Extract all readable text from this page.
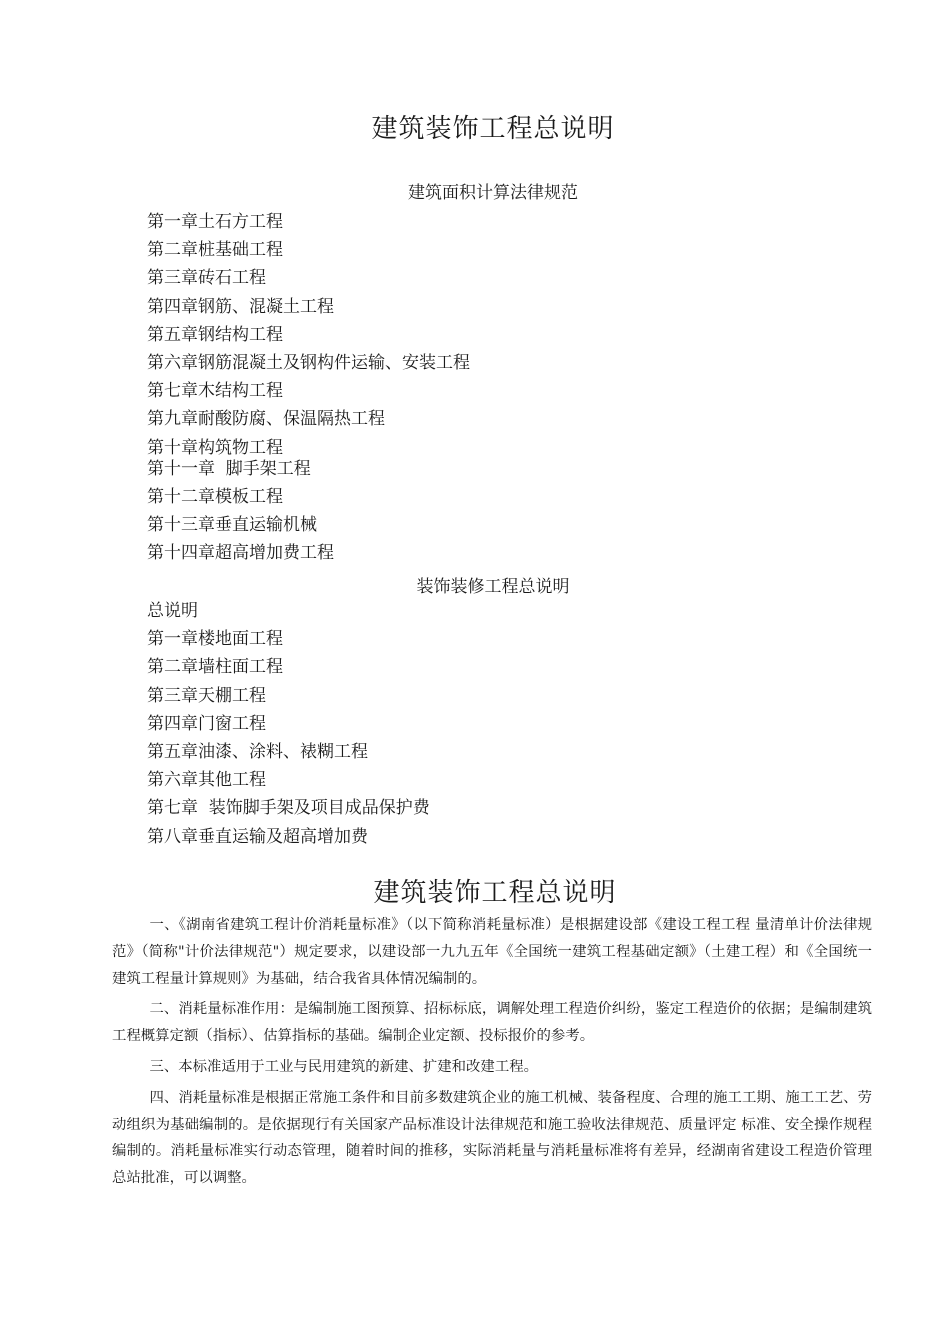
建筑装饰工程总说明
建筑面积计算法律规范
第一章土石方工程
第二章桩基础工程
第三章砖石工程
第四章钢筋、混凝土工程
第五章钢结构工程
第六章钢筋混凝土及钢构件运输、安装工程
第七章木结构工程
第九章耐酸防腐、保温隔热工程
第十章构筑物工程
第十一章  脚手架工程
第十二章模板工程
第十三章垂直运输机械
第十四章超高增加费工程
装饰装修工程总说明
总说明
第一章楼地面工程
第二章墙柱面工程
第三章天棚工程
第四章门窗工程
第五章油漆、涂料、裱糊工程
第六章其他工程
第七章  装饰脚手架及项目成品保护费
第八章垂直运输及超高增加费
建筑装饰工程总说明

一、《湖南省建筑工程计价消耗量标准》（以下简称消耗量标准）是根据建设部《建设工程工程 量清单计价法律规范》（简称"计价法律规范"）规定要求，以建设部一九九五年《全国统一建筑工程基础定额》（土建工程）和《全国统一建筑工程量计算规则》为基础，结合我省具体情况编制的。

二、消耗量标准作用：是编制施工图预算、招标标底，调解处理工程造价纠纷，鉴定工程造价的依据；是编制建筑工程概算定额（指标）、估算指标的基础。编制企业定额、投标报价的参考。

三、本标准适用于工业与民用建筑的新建、扩建和改建工程。

四、消耗量标准是根据正常施工条件和目前多数建筑企业的施工机械、装备程度、合理的施工工期、施工工艺、劳动组织为基础编制的。是依据现行有关国家产品标准设计法律规范和施工验收法律规范、质量评定 标准、安全操作规程编制的。消耗量标准实行动态管理，随着时间的推移，实际消耗量与消耗量标准将有差异，经湖南省建设工程造价管理总站批准，可以调整。
